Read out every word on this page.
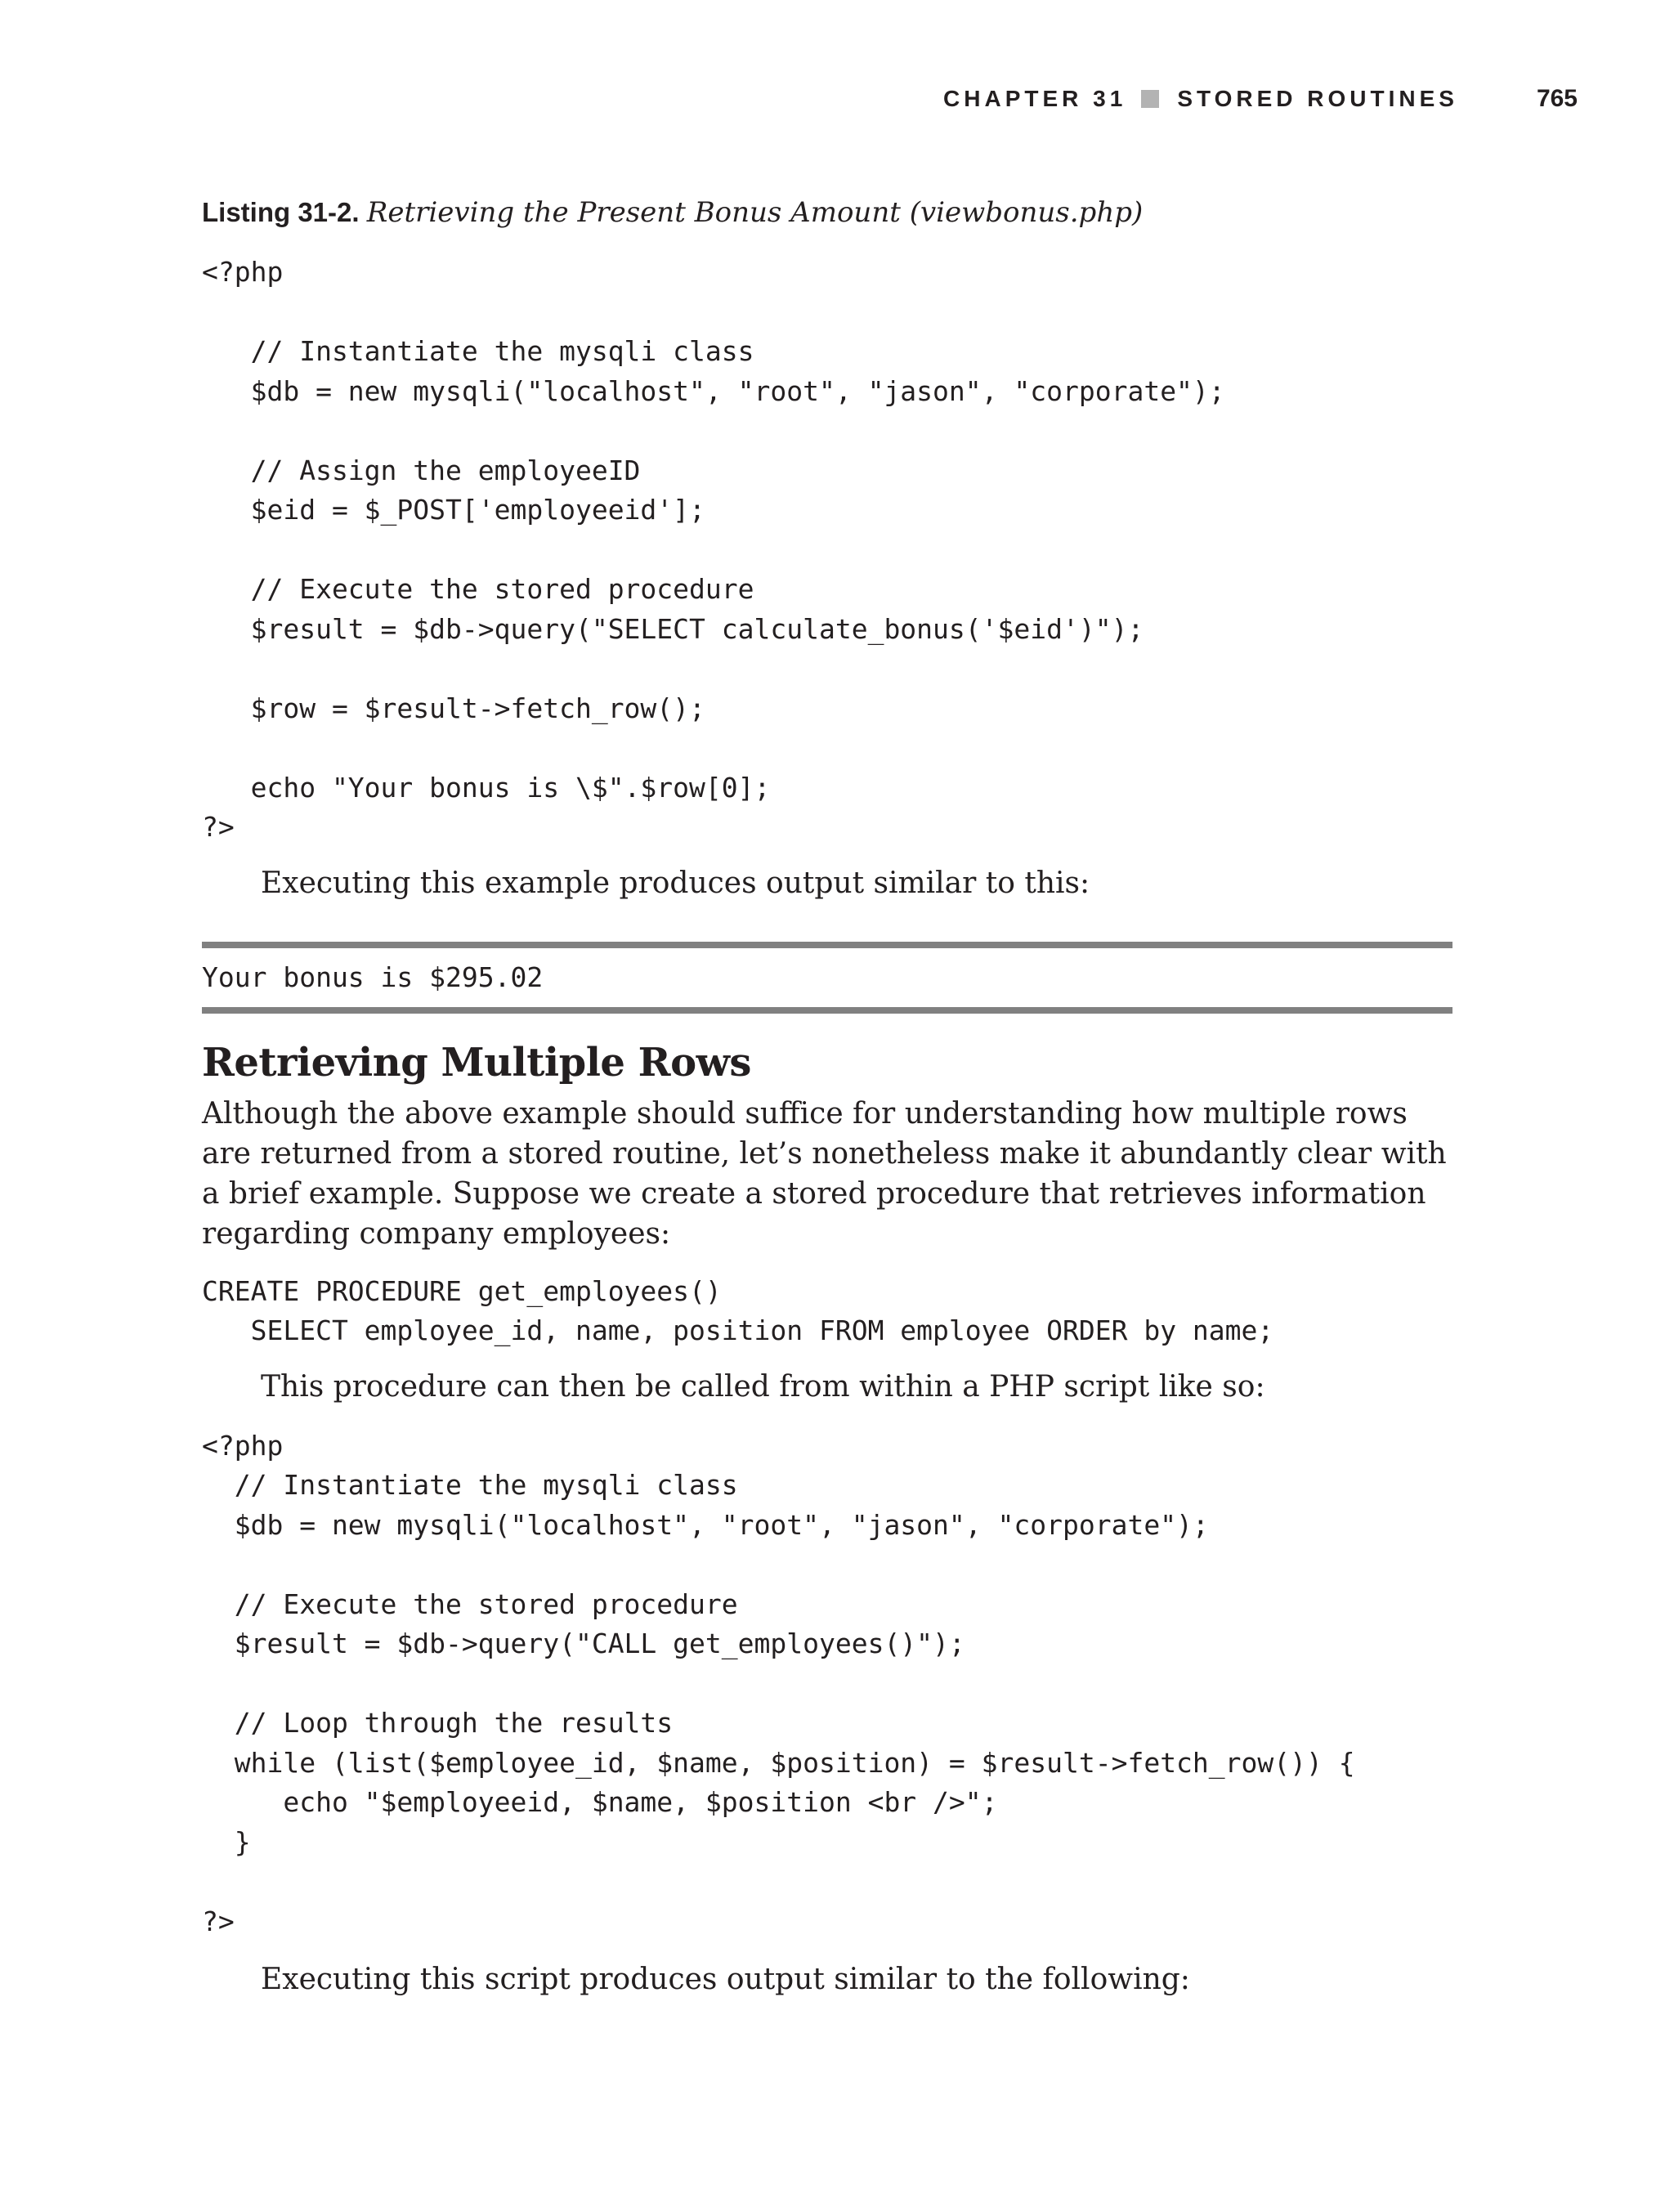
CHAPTER 31 STORED ROUTINES	765

Listing 31-2. Retrieving the Present Bonus Amount (viewbonus.php)

<?php

// Instantiate the mysqli class
$db = new mysqli("localhost", "root", "jason", "corporate");

// Assign the employeeID
$eid = $_POST['employeeid'];

// Execute the stored procedure
$result = $db->query("SELECT calculate_bonus('$eid')");

$row = $result->fetch_row();

echo "Your bonus is \$".$row[0];
?>

Executing this example produces output similar to this:

Your bonus is $295.02
Retrieving Multiple Rows

Although the above example should suffice for understanding how multiple rows are returned from a stored routine, let’s nonetheless make it abundantly clear with a brief example. Suppose we create a stored procedure that retrieves information regarding company employees:

CREATE PROCEDURE get_employees()
SELECT employee_id, name, position FROM employee ORDER by name;

This procedure can then be called from within a PHP script like so:

<?php
// Instantiate the mysqli class
$db = new mysqli("localhost", "root", "jason", "corporate");

// Execute the stored procedure
$result = $db->query("CALL get_employees()");

// Loop through the results
while (list($employee_id, $name, $position) = $result->fetch_row()) {
echo "$employeeid, $name, $position <br />";
}

?>

Executing this script produces output similar to the following:
